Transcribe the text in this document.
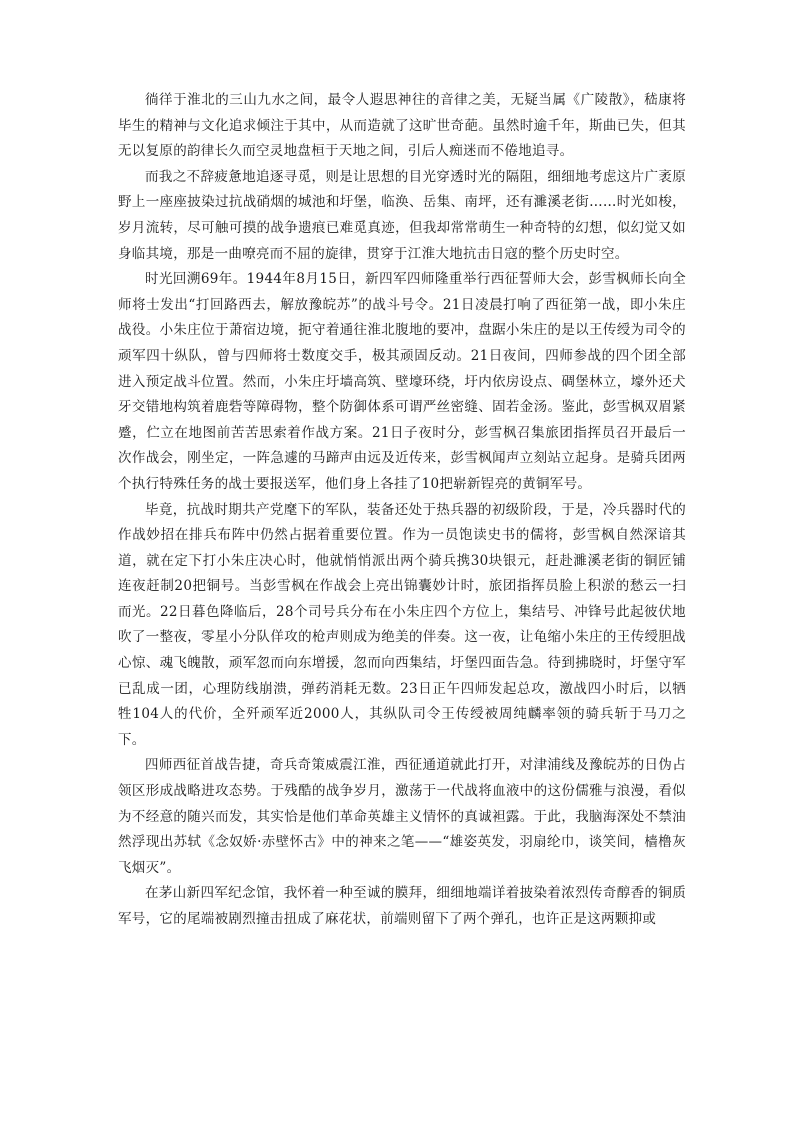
徜徉于淮北的三山九水之间，最令人遐思神往的音律之美，无疑当属《广陵散》，嵇康将毕生的精神与文化追求倾注于其中，从而造就了这旷世奇葩。虽然时逾千年，斯曲已失，但其无以复原的韵律长久而空灵地盘桓于天地之间，引后人痴迷而不倦地追寻。

而我之不辞疲惫地追逐寻觅，则是让思想的目光穿透时光的隔阻，细细地考虑这片广袤原野上一座座披染过抗战硝烟的城池和圩堡，临涣、岳集、南坪，还有濉溪老街……时光如梭，岁月流转，尽可触可摸的战争遗痕已难觅真迹，但我却常常萌生一种奇特的幻想，似幻觉又如身临其境，那是一曲嘹亮而不屈的旋律，贯穿于江淮大地抗击日寇的整个历史时空。

时光回溯69年。1944年8月15日，新四军四师隆重举行西征誓师大会，彭雪枫师长向全师将士发出“打回路西去，解放豫皖苏”的战斗号令。21日凌晨打响了西征第一战，即小朱庄战役。小朱庄位于萧宿边境，扼守着通往淮北腹地的要冲，盘踞小朱庄的是以王传绶为司令的顽军四十纵队，曾与四师将士数度交手，极其顽固反动。21日夜间，四师参战的四个团全部进入预定战斗位置。然而，小朱庄圩墙高筑、壁壕环绕，圩内依房设点、碉堡林立，壕外还犬牙交错地构筑着鹿砦等障碍物，整个防御体系可谓严丝密缝、固若金汤。鉴此，彭雪枫双眉紧蹙，伫立在地图前苦苦思索着作战方案。21日子夜时分，彭雪枫召集旅团指挥员召开最后一次作战会，刚坐定，一阵急遽的马蹄声由远及近传来，彭雪枫闻声立刻站立起身。是骑兵团两个执行特殊任务的战士要报送军，他们身上各挂了10把崭新锃亮的黄铜军号。

毕竟，抗战时期共产党麾下的军队，装备还处于热兵器的初级阶段，于是，冷兵器时代的作战妙招在排兵布阵中仍然占据着重要位置。作为一员饱读史书的儒将，彭雪枫自然深谙其道，就在定下打小朱庄决心时，他就悄悄派出两个骑兵携30块银元，赶赴濉溪老街的铜匠铺连夜赶制20把铜号。当彭雪枫在作战会上亮出锦囊妙计时，旅团指挥员脸上积淤的愁云一扫而光。22日暮色降临后，28个司号兵分布在小朱庄四个方位上，集结号、冲锋号此起彼伏地吹了一整夜，零星小分队佯攻的枪声则成为绝美的伴奏。这一夜，让龟缩小朱庄的王传绶胆战心惊、魂飞魄散，顽军忽而向东增援，忽而向西集结，圩堡四面告急。待到拂晓时，圩堡守军已乱成一团，心理防线崩溃，弹药消耗无数。23日正午四师发起总攻，激战四小时后，以牺牲104人的代价，全歼顽军近2000人，其纵队司令王传绶被周纯麟率领的骑兵斩于马刀之下。

四师西征首战告捷，奇兵奇策威震江淮，西征通道就此打开，对津浦线及豫皖苏的日伪占领区形成战略进攻态势。于残酷的战争岁月，激荡于一代战将血液中的这份儒雅与浪漫，看似为不经意的随兴而发，其实恰是他们革命英雄主义情怀的真诚袒露。于此，我脑海深处不禁油然浮现出苏轼《念奴娇·赤壁怀古》中的神来之笔——“雄姿英发，羽扇纶巾，谈笑间，樯橹灰飞烟灭”。

在茅山新四军纪念馆，我怀着一种至诚的膜拜，细细地端详着披染着浓烈传奇醇香的铜质军号，它的尾端被剧烈撞击扭成了麻花状，前端则留下了两个弹孔，也许正是这两颗抑或
